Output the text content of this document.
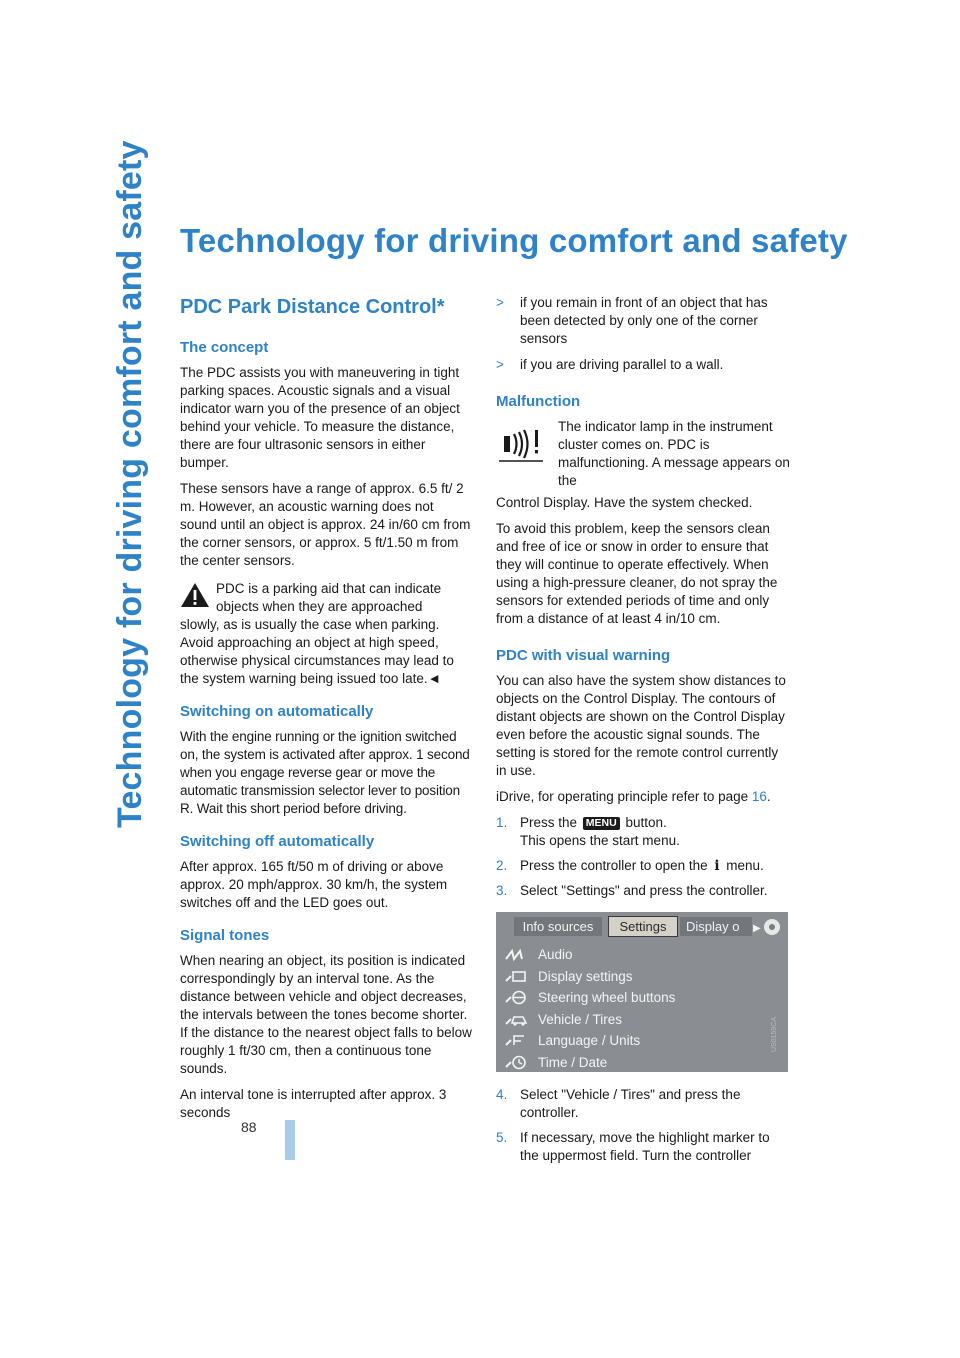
Technology for driving comfort and safety
88
Technology for driving comfort and safety
PDC Park Distance Control*
The concept

The PDC assists you with maneuvering in tight parking spaces. Acoustic signals and a visual indicator warn you of the presence of an object behind your vehicle. To measure the distance, there are four ultrasonic sensors in either bumper.

These sensors have a range of approx. 6.5 ft/ 2 m. However, an acoustic warning does not sound until an object is approx. 24 in/60 cm from the corner sensors, or approx. 5 ft/1.50 m from the center sensors.

PDC is a parking aid that can indicate
objects when they are approached
slowly, as is usually the case when parking. Avoid approaching an object at high speed, otherwise physical circumstances may lead to the system warning being issued too late.◄
Switching on automatically

With the engine running or the ignition switched on, the system is activated after approx. 1 second when you engage reverse gear or move the automatic transmission selector lever to position R. Wait this short period before driving.

Switching off automatically

After approx. 165 ft/50 m of driving or above approx. 20 mph/approx. 30 km/h, the system switches off and the LED goes out.

Signal tones

When nearing an object, its position is indicated correspondingly by an interval tone. As the distance between vehicle and object decreases, the intervals between the tones become shorter. If the distance to the nearest object falls to below roughly 1 ft/30 cm, then a continuous tone sounds.

An interval tone is interrupted after approx. 3 seconds

> if you remain in front of an object that has been detected by only one of the corner sensors
> if you are driving parallel to a wall.
Malfunction
The indicator lamp in the instrument cluster comes on. PDC is malfunctioning. A message appears on the

Control Display. Have the system checked.

To avoid this problem, keep the sensors clean and free of ice or snow in order to ensure that they will continue to operate effectively. When using a high-pressure cleaner, do not spray the sensors for extended periods of time and only from a distance of at least 4 in/10 cm.

PDC with visual warning

You can also have the system show distances to objects on the Control Display. The contours of distant objects are shown on the Control Display even before the acoustic signal sounds. The setting is stored for the remote control currently in use.

iDrive, for operating principle refer to page 16.

1. Press the MENU button.
This opens the start menu.
2. Press the controller to open the i menu.
3. Select "Settings" and press the controller.
Info sources	Settings	Display o	▶
Audio
Display settings
Steering wheel buttons
Vehicle / Tires
Language / Units
Time / Date
US0159CA
4. Select "Vehicle / Tires" and press the controller.
5. If necessary, move the highlight marker to the uppermost field. Turn the controller
